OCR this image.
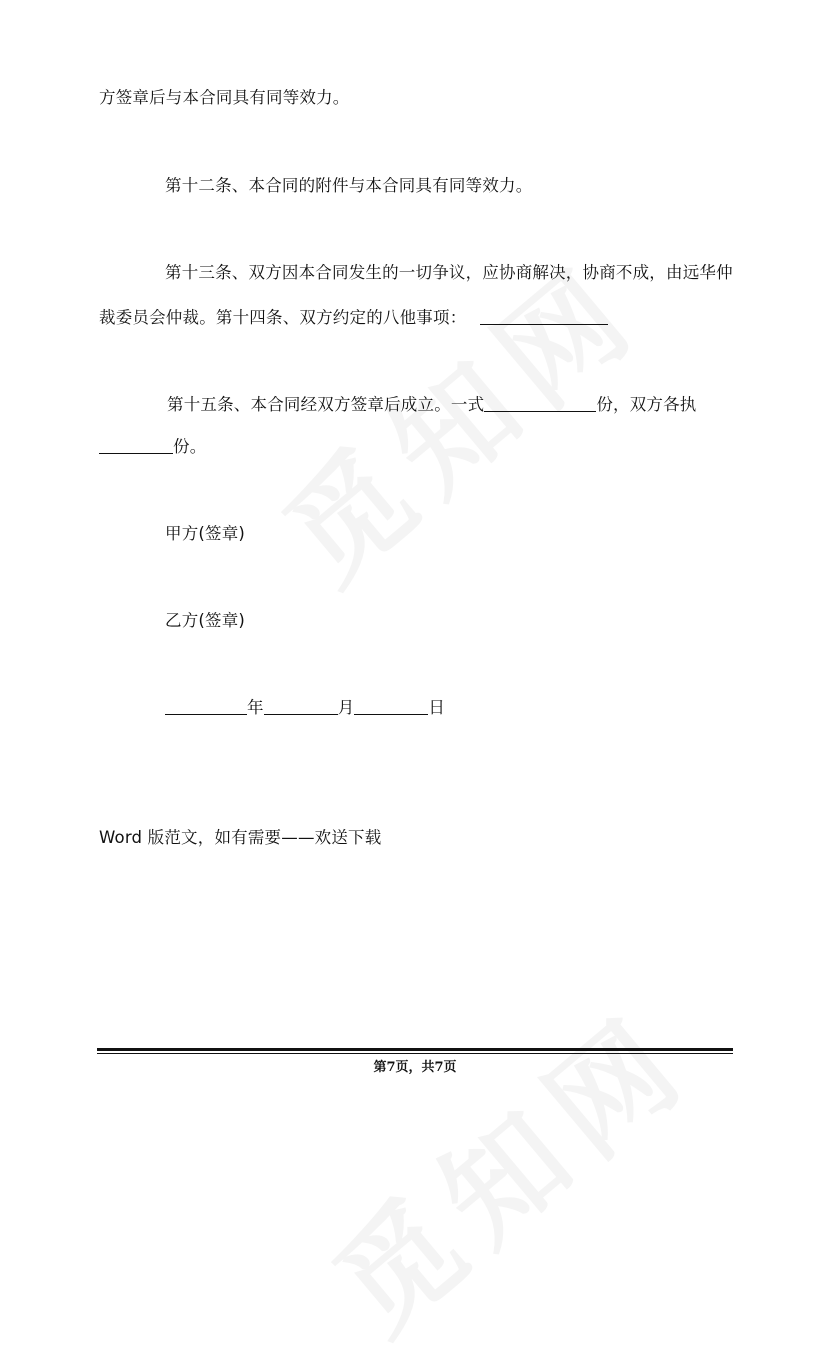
方签章后与本合同具有同等效力。
第十二条、本合同的附件与本合同具有同等效力。
第十三条、双方因本合同发生的一切争议，应协商解决，协商不成，由远华仲
裁委员会仲裁。第十四条、双方约定的八他事项：
第十五条、本合同经双方签章后成立。一式	份，双方各执
份。
甲方(签章)
乙方(签章)
年	月	日
Word 版范文，如有需要——欢送下载
第7页，共7页
